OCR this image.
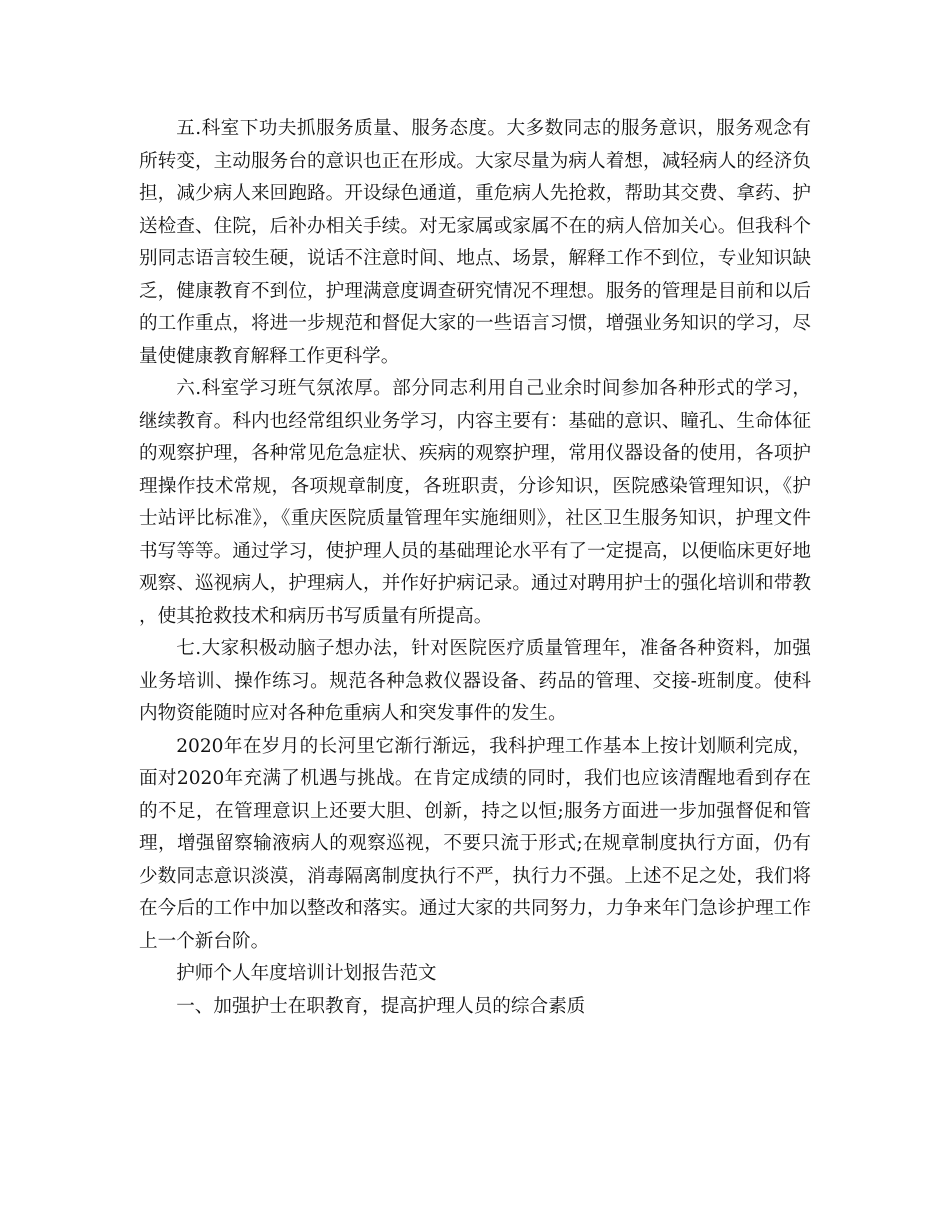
五.科室下功夫抓服务质量、服务态度。大多数同志的服务意识，服务观念有所转变，主动服务台的意识也正在形成。大家尽量为病人着想，减轻病人的经济负担，减少病人来回跑路。开设绿色通道，重危病人先抢救，帮助其交费、拿药、护送检查、住院，后补办相关手续。对无家属或家属不在的病人倍加关心。但我科个别同志语言较生硬，说话不注意时间、地点、场景，解释工作不到位，专业知识缺乏，健康教育不到位，护理满意度调查研究情况不理想。服务的管理是目前和以后的工作重点，将进一步规范和督促大家的一些语言习惯，增强业务知识的学习，尽量使健康教育解释工作更科学。

六.科室学习班气氛浓厚。部分同志利用自己业余时间参加各种形式的学习，继续教育。科内也经常组织业务学习，内容主要有：基础的意识、瞳孔、生命体征的观察护理，各种常见危急症状、疾病的观察护理，常用仪器设备的使用，各项护理操作技术常规，各项规章制度，各班职责，分诊知识，医院感染管理知识，《护士站评比标准》，《重庆医院质量管理年实施细则》，社区卫生服务知识，护理文件书写等等。通过学习，使护理人员的基础理论水平有了一定提高，以便临床更好地观察、巡视病人，护理病人，并作好护病记录。通过对聘用护士的强化培训和带教，使其抢救技术和病历书写质量有所提高。

七.大家积极动脑子想办法，针对医院医疗质量管理年，准备各种资料，加强业务培训、操作练习。规范各种急救仪器设备、药品的管理、交接-班制度。使科内物资能随时应对各种危重病人和突发事件的发生。

2020年在岁月的长河里它渐行渐远，我科护理工作基本上按计划顺利完成，面对2020年充满了机遇与挑战。在肯定成绩的同时，我们也应该清醒地看到存在的不足，在管理意识上还要大胆、创新，持之以恒;服务方面进一步加强督促和管理，增强留察输液病人的观察巡视，不要只流于形式;在规章制度执行方面，仍有少数同志意识淡漠，消毒隔离制度执行不严，执行力不强。上述不足之处，我们将在今后的工作中加以整改和落实。通过大家的共同努力，力争来年门急诊护理工作上一个新台阶。

护师个人年度培训计划报告范文

一、加强护士在职教育，提高护理人员的综合素质
